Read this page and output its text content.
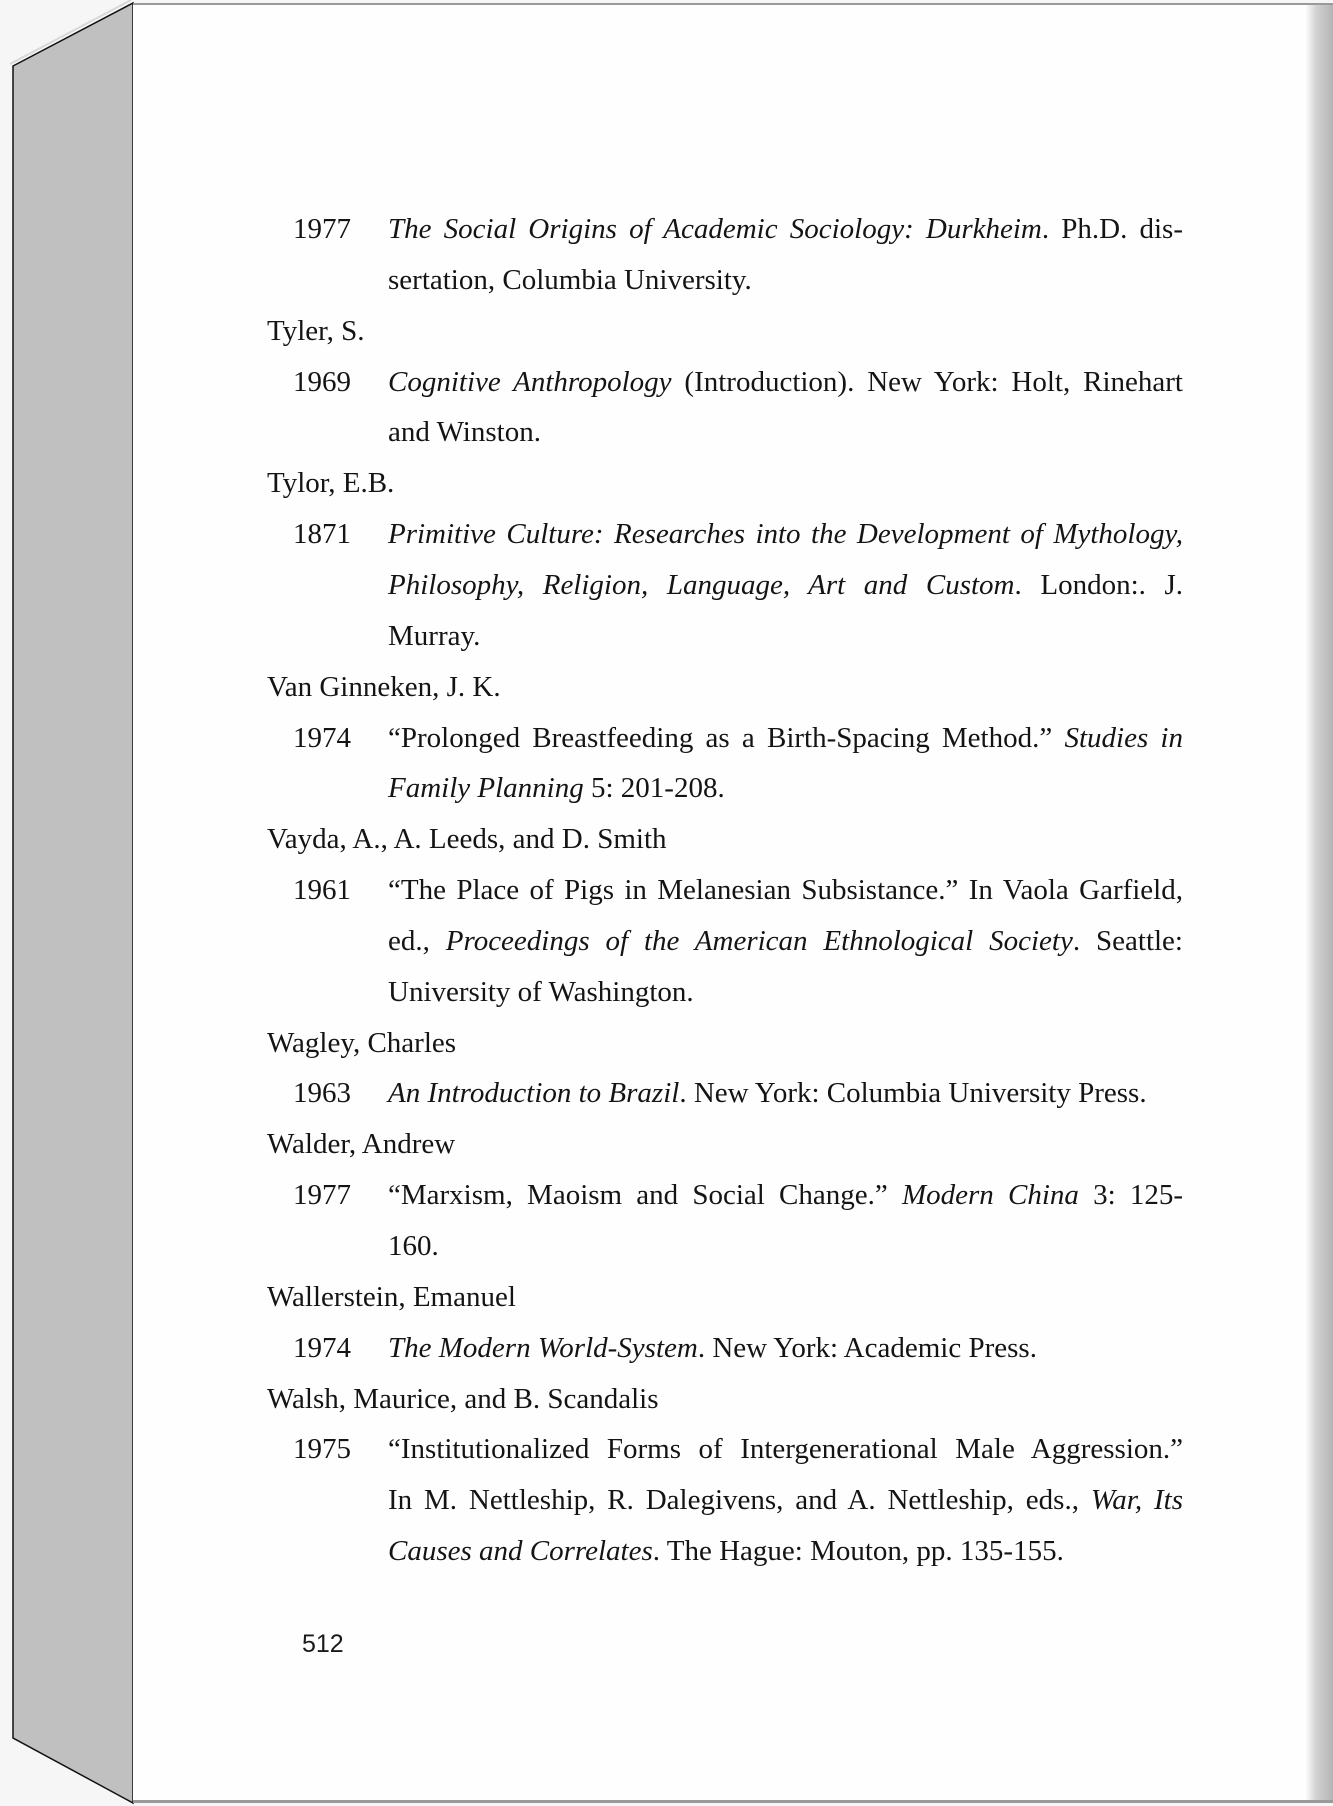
1977 The Social Origins of Academic Sociology: Durkheim. Ph.D. dis-
sertation, Columbia University.
Tyler, S.
1969 Cognitive Anthropology (Introduction). New York: Holt, Rinehart
and Winston.
Tylor, E.B.
1871 Primitive Culture: Researches into the Development of Mythology,
Philosophy, Religion, Language, Art and Custom. London:. J.
Murray.
Van Ginneken, J. K.
1974 “Prolonged Breastfeeding as a Birth-Spacing Method.” Studies in
Family Planning 5: 201-208.
Vayda, A., A. Leeds, and D. Smith
1961 “The Place of Pigs in Melanesian Subsistance.” In Vaola Garfield,
ed., Proceedings of the American Ethnological Society. Seattle:
University of Washington.
Wagley, Charles
1963 An Introduction to Brazil. New York: Columbia University Press.
Walder, Andrew
1977 “Marxism, Maoism and Social Change.” Modern China 3: 125-
160.
Wallerstein, Emanuel
1974 The Modern World-System. New York: Academic Press.
Walsh, Maurice, and B. Scandalis
1975 “Institutionalized Forms of Intergenerational Male Aggression.”
In M. Nettleship, R. Dalegivens, and A. Nettleship, eds., War, Its
Causes and Correlates. The Hague: Mouton, pp. 135-155.
512
